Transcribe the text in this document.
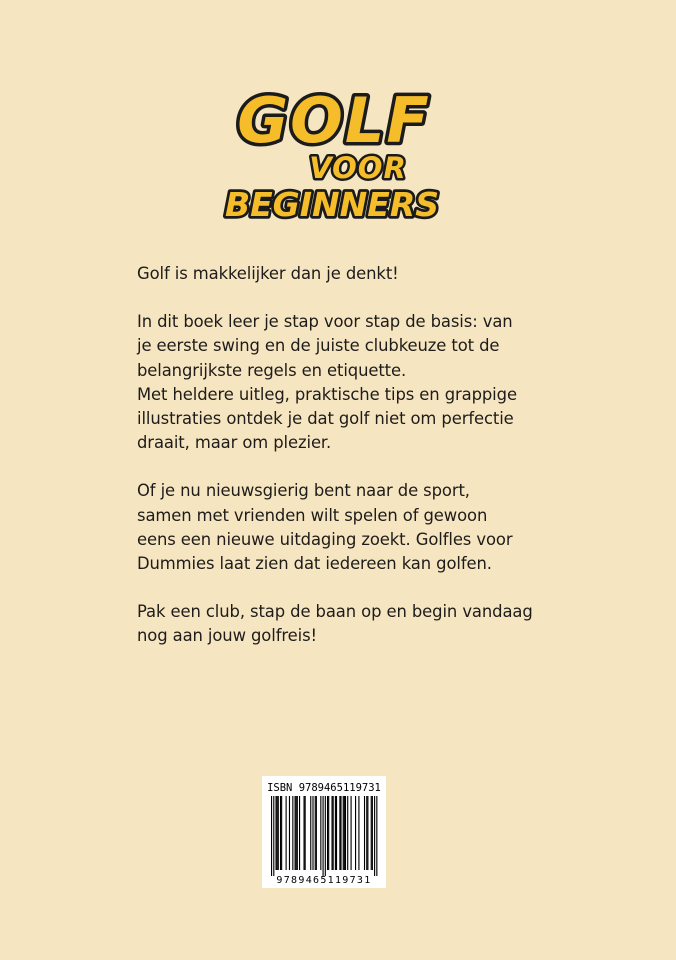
GOLF
VOOR
BEGINNERS

Golf is makkelijker dan je denkt!

In dit boek leer je stap voor stap de basis: van

je eerste swing en de juiste clubkeuze tot de

belangrijkste regels en etiquette.

Met heldere uitleg, praktische tips en grappige

illustraties ontdek je dat golf niet om perfectie

draait, maar om plezier.

Of je nu nieuwsgierig bent naar de sport,

samen met vrienden wilt spelen of gewoon

eens een nieuwe uitdaging zoekt. Golfles voor

Dummies laat zien dat iedereen kan golfen.

Pak een club, stap de baan op en begin vandaag

nog aan jouw golfreis!

ISBN 9789465119731
9789465119731
